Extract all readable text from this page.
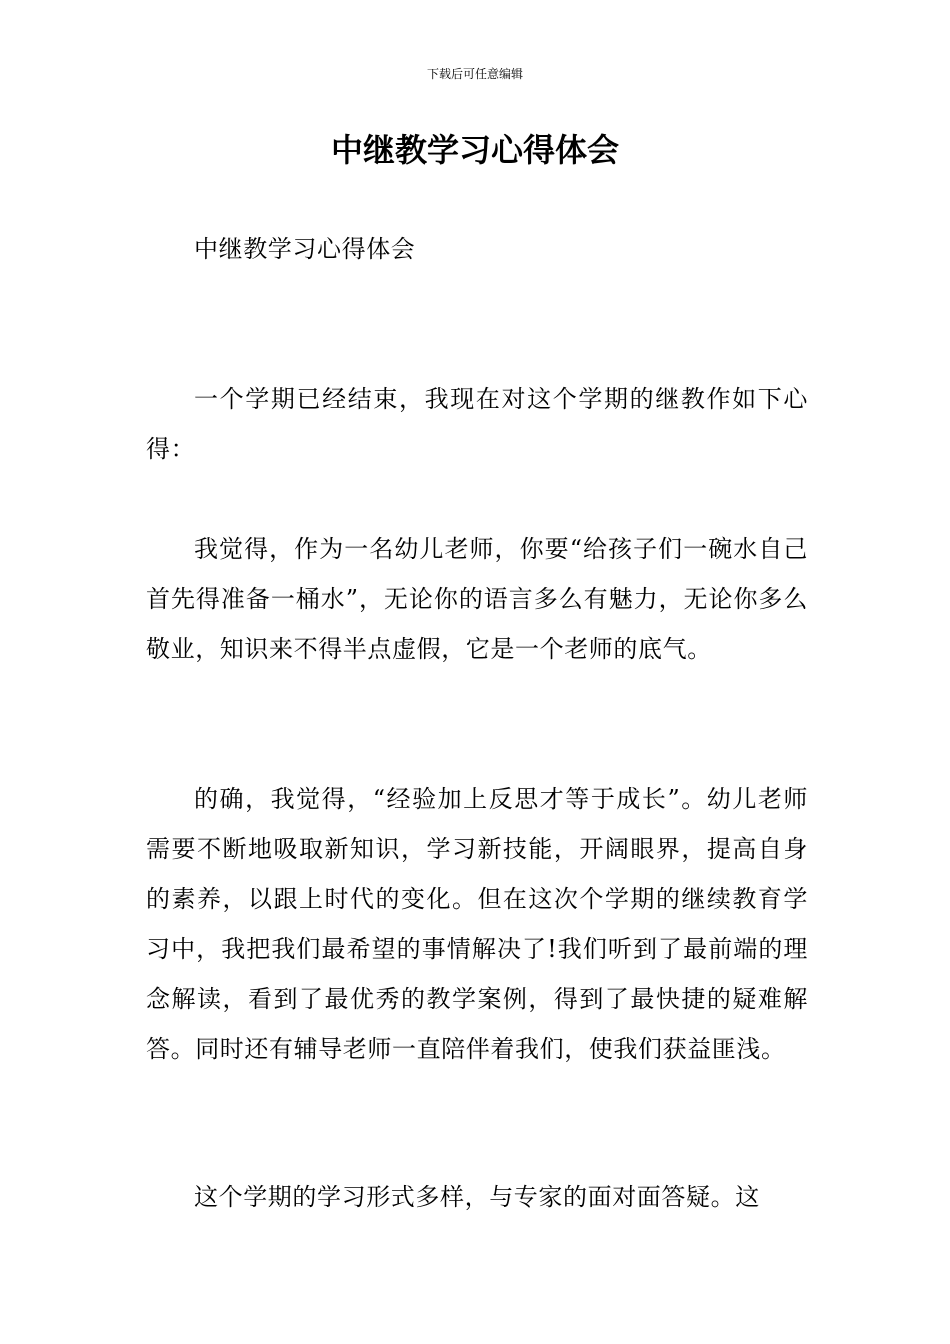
下载后可任意编辑
中继教学习心得体会

中继教学习心得体会

一个学期已经结束，我现在对这个学期的继教作如下心得：

我觉得，作为一名幼儿老师，你要“给孩子们一碗水自己首先得准备一桶水”，无论你的语言多么有魅力，无论你多么敬业，知识来不得半点虚假，它是一个老师的底气。

的确，我觉得，“经验加上反思才等于成长”。幼儿老师需要不断地吸取新知识，学习新技能，开阔眼界，提高自身的素养，以跟上时代的变化。但在这次个学期的继续教育学习中，我把我们最希望的事情解决了!我们听到了最前端的理念解读，看到了最优秀的教学案例，得到了最快捷的疑难解答。同时还有辅导老师一直陪伴着我们，使我们获益匪浅。

这个学期的学习形式多样，与专家的面对面答疑。这
